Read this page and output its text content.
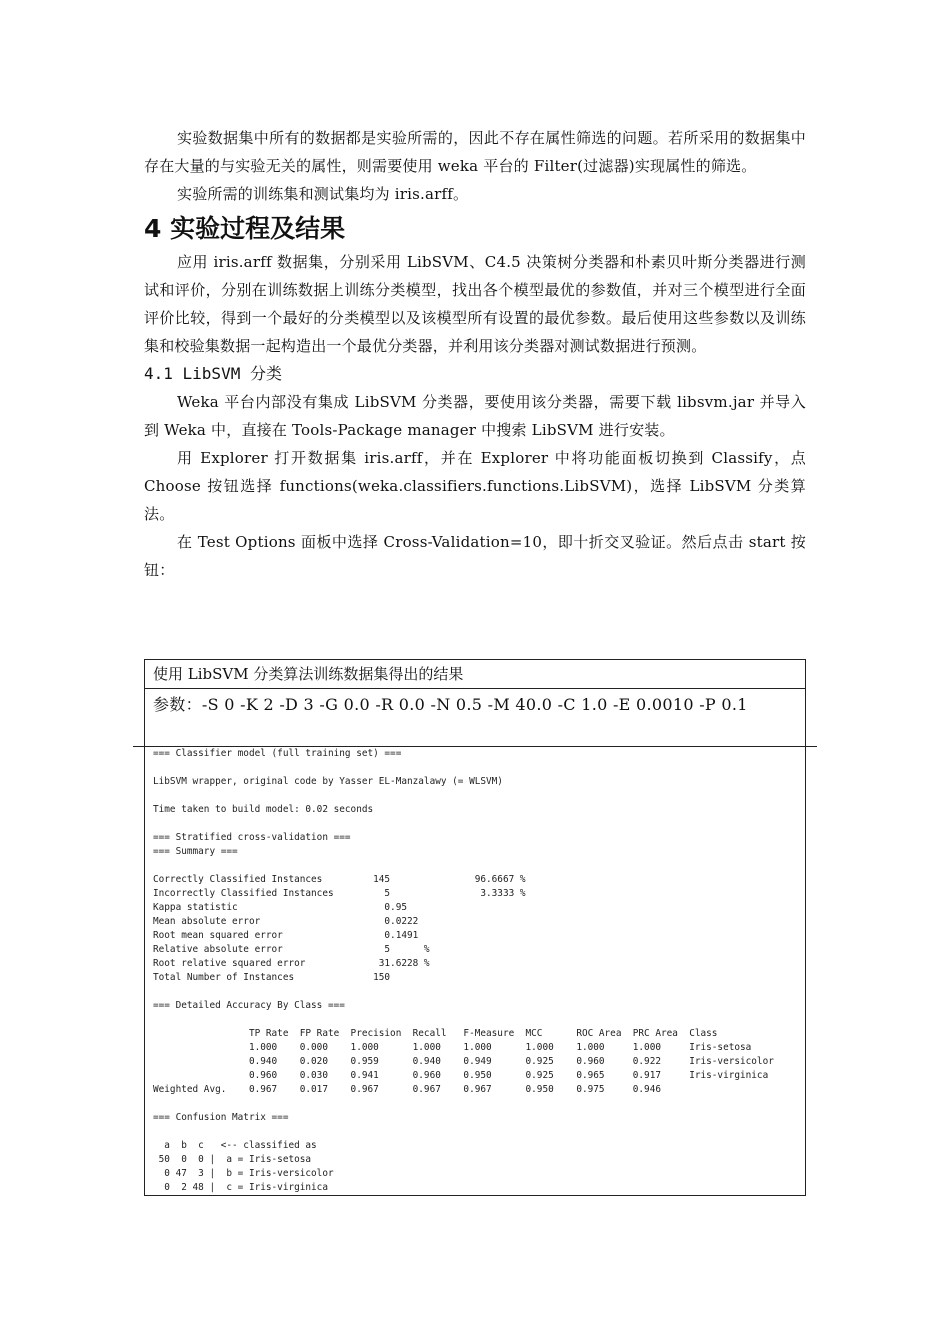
实验数据集中所有的数据都是实验所需的，因此不存在属性筛选的问题。若所采用的数据集中存在大量的与实验无关的属性，则需要使用 weka 平台的 Filter(过滤器)实现属性的筛选。

实验所需的训练集和测试集均为 iris.arff。

4 实验过程及结果

应用 iris.arff 数据集，分别采用 LibSVM、C4.5 决策树分类器和朴素贝叶斯分类器进行测试和评价，分别在训练数据上训练分类模型，找出各个模型最优的参数值，并对三个模型进行全面评价比较，得到一个最好的分类模型以及该模型所有设置的最优参数。最后使用这些参数以及训练集和校验集数据一起构造出一个最优分类器，并利用该分类器对测试数据进行预测。

4.1 LibSVM 分类

Weka 平台内部没有集成 LibSVM 分类器，要使用该分类器，需要下载 libsvm.jar 并导入到 Weka 中，直接在 Tools-Package manager 中搜索 LibSVM 进行安装。

用 Explorer 打开数据集 iris.arff，并在 Explorer 中将功能面板切换到 Classify，点 Choose 按钮选择 functions(weka.classifiers.functions.LibSVM)，选择 LibSVM 分类算法。

在 Test Options 面板中选择 Cross-Validation=10，即十折交叉验证。然后点击 start 按钮：

使用 LibSVM 分类算法训练数据集得出的结果
参数：-S 0 -K 2 -D 3 -G 0.0 -R 0.0 -N 0.5 -M 40.0 -C 1.0 -E 0.0010 -P 0.1
=== Classifier model (full training set) ===

LibSVM wrapper, original code by Yasser EL-Manzalawy (= WLSVM)

Time taken to build model: 0.02 seconds

=== Stratified cross-validation ===
=== Summary ===

Correctly Classified Instances         145               96.6667 %
Incorrectly Classified Instances         5                3.3333 %
Kappa statistic                          0.95
Mean absolute error                      0.0222
Root mean squared error                  0.1491
Relative absolute error                  5      %
Root relative squared error             31.6228 %
Total Number of Instances              150

=== Detailed Accuracy By Class ===

TP Rate  FP Rate  Precision  Recall   F-Measure  MCC      ROC Area  PRC Area  Class
1.000    0.000    1.000      1.000    1.000      1.000    1.000     1.000     Iris-setosa
0.940    0.020    0.959      0.940    0.949      0.925    0.960     0.922     Iris-versicolor
0.960    0.030    0.941      0.960    0.950      0.925    0.965     0.917     Iris-virginica
Weighted Avg.    0.967    0.017    0.967      0.967    0.967      0.950    0.975     0.946

=== Confusion Matrix ===

a  b  c   <-- classified as
50  0  0 |  a = Iris-setosa
0 47  3 |  b = Iris-versicolor
0  2 48 |  c = Iris-virginica
